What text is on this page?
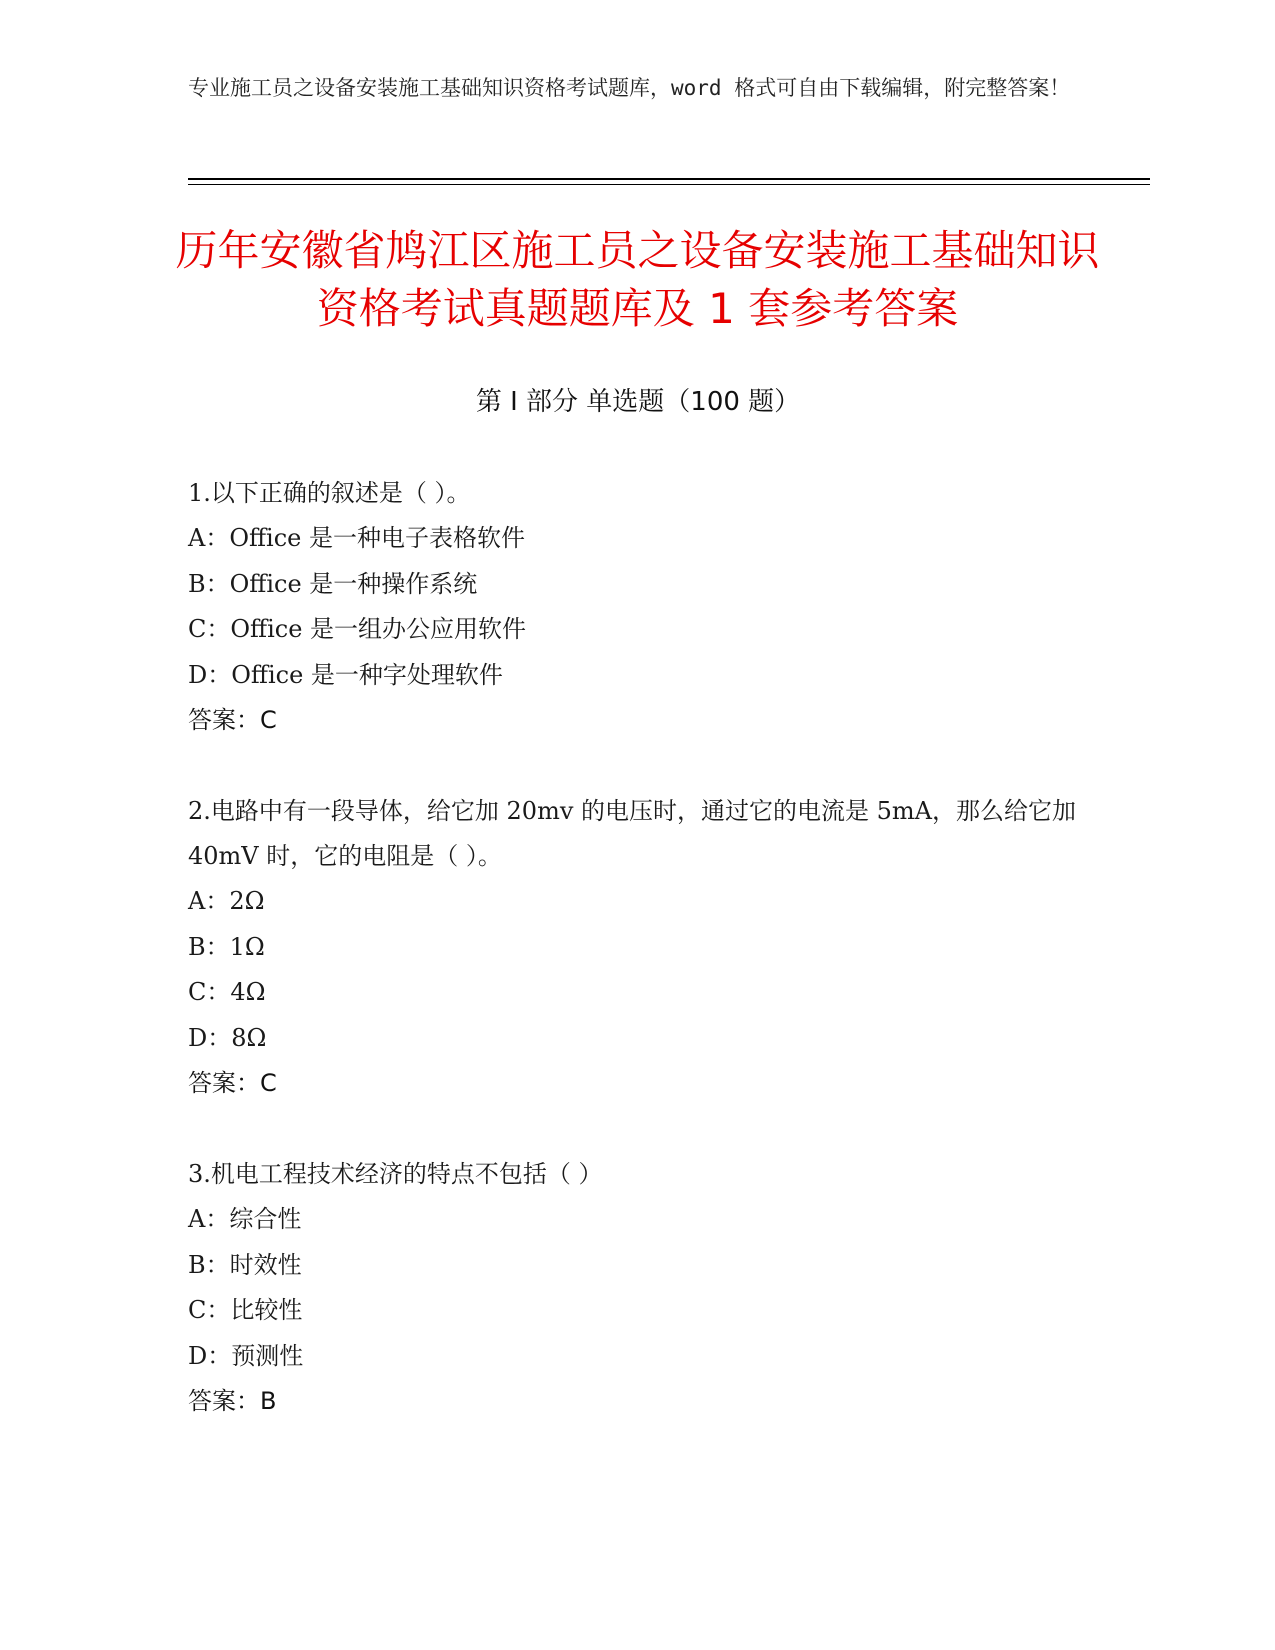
专业施工员之设备安装施工基础知识资格考试题库，word 格式可自由下载编辑，附完整答案！
历年安徽省鸠江区施工员之设备安装施工基础知识资格考试真题题库及 1 套参考答案
第 I 部分 单选题（100 题）
1.以下正确的叙述是（ ）。
A：Office 是一种电子表格软件
B：Office 是一种操作系统
C：Office 是一组办公应用软件
D：Office 是一种字处理软件
答案：C
2.电路中有一段导体，给它加 20mv 的电压时，通过它的电流是 5mA，那么给它加 40mV 时，它的电阻是（ ）。
A：2Ω
B：1Ω
C：4Ω
D：8Ω
答案：C
3.机电工程技术经济的特点不包括（ ）
A：综合性
B：时效性
C：比较性
D：预测性
答案：B
